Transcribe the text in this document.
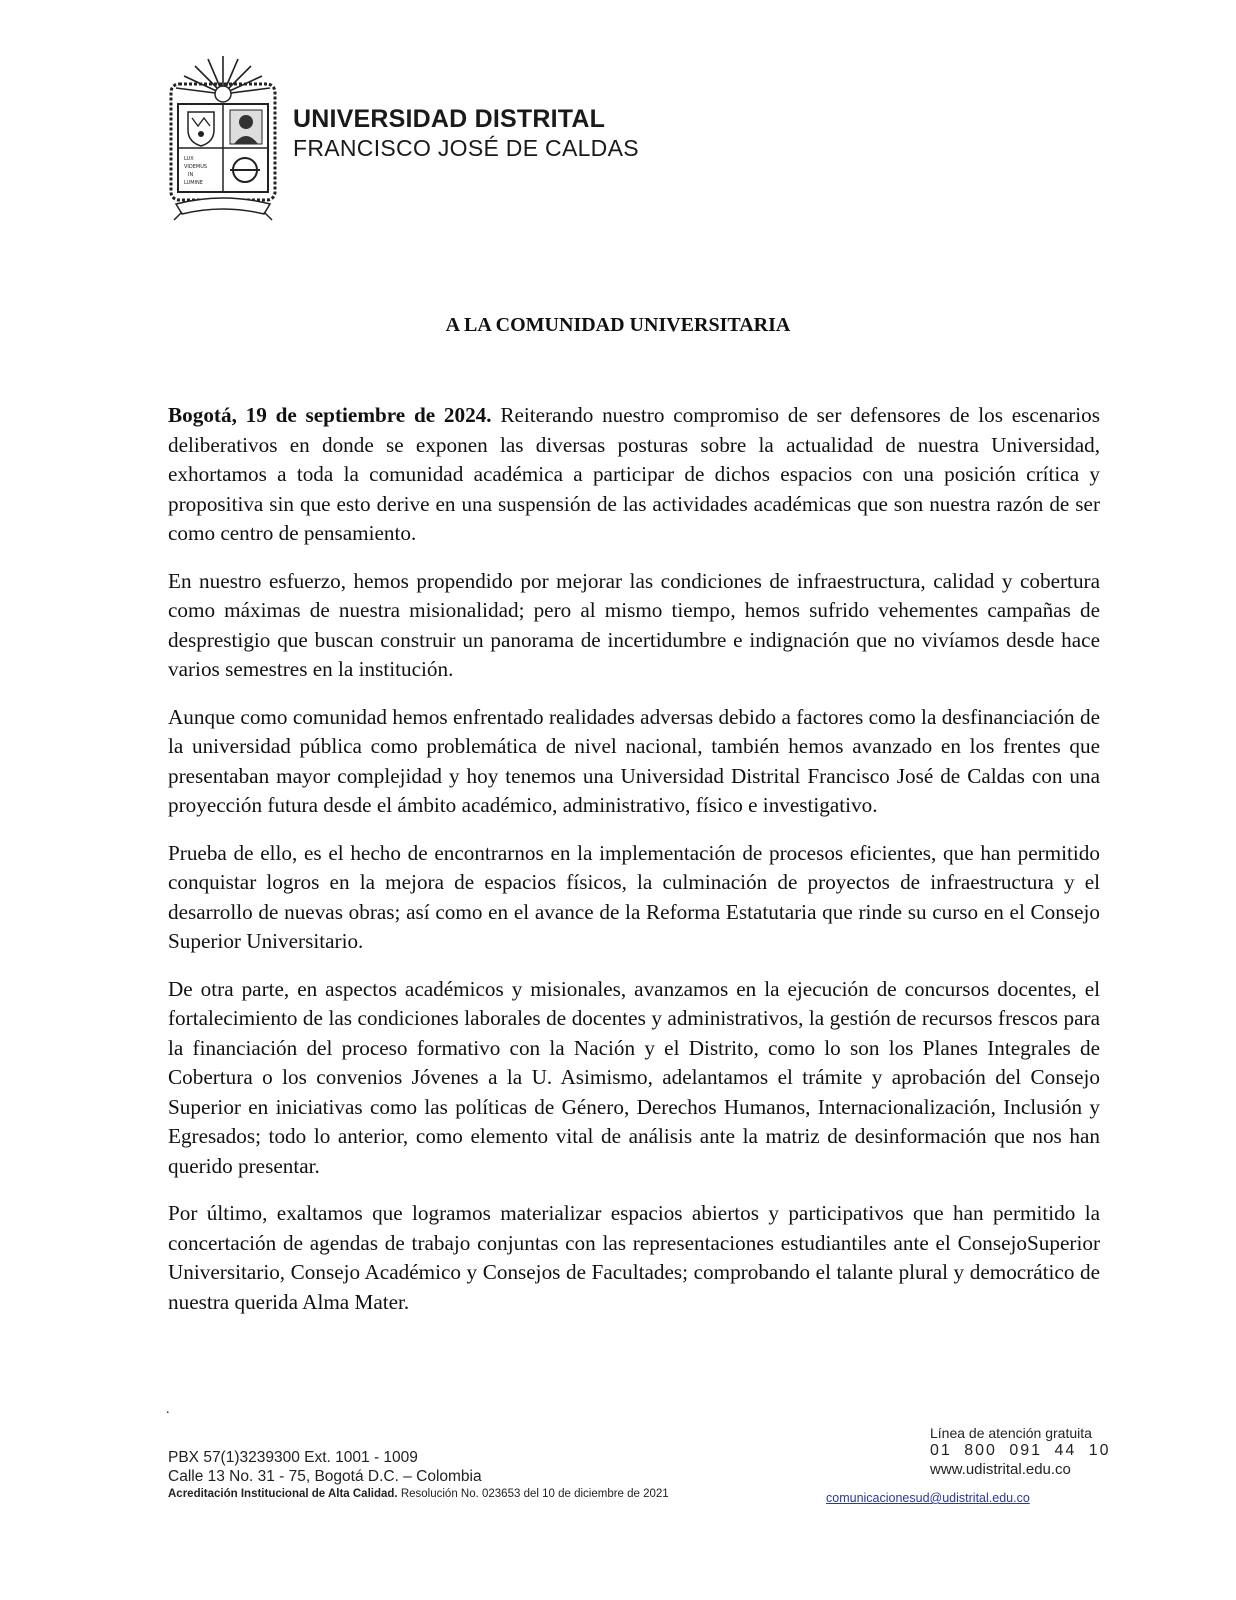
LUX
VIDEMUS
IN
LUMINE
UNIVERSIDAD DISTRITAL
FRANCISCO JOSÉ DE CALDAS
A LA COMUNIDAD UNIVERSITARIA

Bogotá, 19 de septiembre de 2024. Reiterando nuestro compromiso de ser defensores de los escenarios deliberativos en donde se exponen las diversas posturas sobre la actualidad de nuestra Universidad, exhortamos a toda la comunidad académica a participar de dichos espacios con una posición crítica y propositiva sin que esto derive en una suspensión de las actividades académicas que son nuestra razón de ser como centro de pensamiento.

En nuestro esfuerzo, hemos propendido por mejorar las condiciones de infraestructura, calidad y cobertura como máximas de nuestra misionalidad; pero al mismo tiempo, hemos sufrido vehementes campañas de desprestigio que buscan construir un panorama de incertidumbre e indignación que no vivíamos desde hace varios semestres en la institución.

Aunque como comunidad hemos enfrentado realidades adversas debido a factores como la desfinanciación de la universidad pública como problemática de nivel nacional, también hemos avanzado en los frentes que presentaban mayor complejidad y hoy tenemos una Universidad Distrital Francisco José de Caldas con una proyección futura desde el ámbito académico, administrativo, físico e investigativo.

Prueba de ello, es el hecho de encontrarnos en la implementación de procesos eficientes, que han permitido conquistar logros en la mejora de espacios físicos, la culminación de proyectos de infraestructura y el desarrollo de nuevas obras; así como en el avance de la Reforma Estatutaria que rinde su curso en el Consejo Superior Universitario.

De otra parte, en aspectos académicos y misionales, avanzamos en la ejecución de concursos docentes, el fortalecimiento de las condiciones laborales de docentes y administrativos, la gestión de recursos frescos para la financiación del proceso formativo con la Nación y el Distrito, como lo son los Planes Integrales de Cobertura o los convenios Jóvenes a la U. Asimismo, adelantamos el trámite y aprobación del Consejo Superior en iniciativas como las políticas de Género, Derechos Humanos, Internacionalización, Inclusión y Egresados; todo lo anterior, como elemento vital de análisis ante la matriz de desinformación que nos han querido presentar.

Por último, exaltamos que logramos materializar espacios abiertos y participativos que han permitido la concertación de agendas de trabajo conjuntas con las representaciones estudiantiles ante el ConsejoSuperior Universitario, Consejo Académico y Consejos de Facultades; comprobando el talante plural y democrático de nuestra querida Alma Mater.

.
PBX 57(1)3239300 Ext. 1001 - 1009
Calle 13 No. 31 - 75, Bogotá D.C. – Colombia
Acreditación Institucional de Alta Calidad. Resolución No. 023653 del 10 de diciembre de 2021
Línea de atención gratuita
01 800 091 44 10
www.udistrital.edu.co
comunicacionesud@udistrital.edu.co
